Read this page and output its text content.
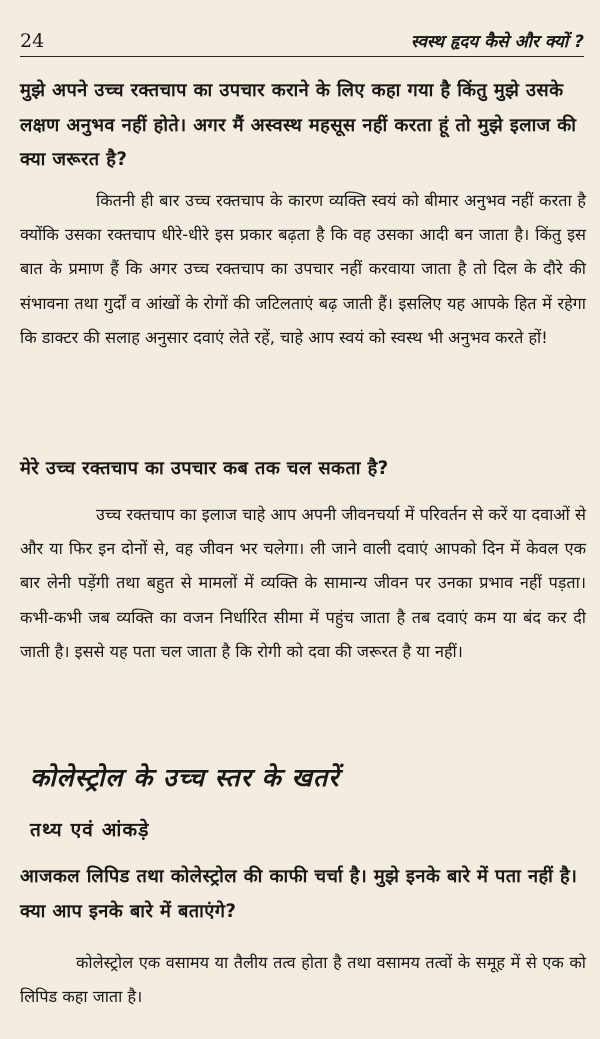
24	स्वस्थ हृदय कैसे और क्यों ?
मुझे अपने उच्च रक्तचाप का उपचार कराने के लिए कहा गया है किंतु मुझे उसके लक्षण अनुभव नहीं होते। अगर मैं अस्वस्थ महसूस नहीं करता हूं तो मुझे इलाज की क्या जरूरत है?
कितनी ही बार उच्च रक्तचाप के कारण व्यक्ति स्वयं को बीमार अनुभव नहीं करता है क्योंकि उसका रक्तचाप धीरे-धीरे इस प्रकार बढ़ता है कि वह उसका आदी बन जाता है। किंतु इस बात के प्रमाण हैं कि अगर उच्च रक्तचाप का उपचार नहीं करवाया जाता है तो दिल के दौरे की संभावना तथा गुर्दों व आंखों के रोगों की जटिलताएं बढ़ जाती हैं। इसलिए यह आपके हित में रहेगा कि डाक्टर की सलाह अनुसार दवाएं लेते रहें, चाहे आप स्वयं को स्वस्थ भी अनुभव करते हों!
मेरे उच्च रक्तचाप का उपचार कब तक चल सकता है?
उच्च रक्तचाप का इलाज चाहे आप अपनी जीवनचर्या में परिवर्तन से करें या दवाओं से और या फिर इन दोनों से, वह जीवन भर चलेगा। ली जाने वाली दवाएं आपको दिन में केवल एक बार लेनी पड़ेंगी तथा बहुत से मामलों में व्यक्ति के सामान्य जीवन पर उनका प्रभाव नहीं पड़ता। कभी-कभी जब व्यक्ति का वजन निर्धारित सीमा में पहुंच जाता है तब दवाएं कम या बंद कर दी जाती है। इससे यह पता चल जाता है कि रोगी को दवा की जरूरत है या नहीं।
कोलेस्ट्रोल के उच्च स्तर के खतरें
तथ्य एवं आंकड़े
आजकल लिपिड तथा कोलेस्ट्रोल की काफी चर्चा है। मुझे इनके बारे में पता नहीं है। क्या आप इनके बारे में बताएंगे?
कोलेस्ट्रोल एक वसामय या तैलीय तत्व होता है तथा वसामय तत्वों के समूह में से एक को लिपिड कहा जाता है।
